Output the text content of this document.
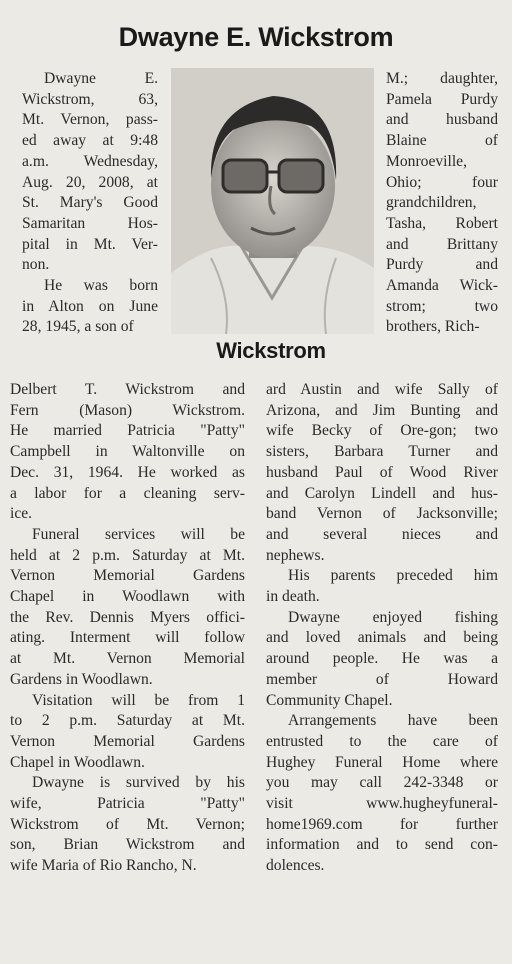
Dwayne E. Wickstrom
Wickstrom
Dwayne E.
Wickstrom, 63,
Mt. Vernon, pass-
ed away at 9:48
a.m. Wednesday,
Aug. 20, 2008, at
St. Mary's Good
Samaritan Hos-
pital in Mt. Ver-
non.
He was born
in Alton on June
28, 1945, a son of
Delbert T. Wickstrom and
Fern (Mason) Wickstrom.
He married Patricia "Patty"
Campbell in Waltonville on
Dec. 31, 1964. He worked as
a labor for a cleaning serv-
ice.
Funeral services will be
held at 2 p.m. Saturday at Mt.
Vernon Memorial Gardens
Chapel in Woodlawn with
the Rev. Dennis Myers offici-
ating. Interment will follow
at Mt. Vernon Memorial
Gardens in Woodlawn.
Visitation will be from 1
to 2 p.m. Saturday at Mt.
Vernon Memorial Gardens
Chapel in Woodlawn.
Dwayne is survived by his
wife, Patricia "Patty"
Wickstrom of Mt. Vernon;
son, Brian Wickstrom and
wife Maria of Rio Rancho, N.
M.; daughter,
Pamela Purdy
and husband
Blaine of
Monroeville,
Ohio; four
grandchildren,
Tasha, Robert
and Brittany
Purdy and
Amanda Wick-
strom; two
brothers, Rich-
ard Austin and wife Sally of
Arizona, and Jim Bunting and
wife Becky of Ore-gon; two
sisters, Barbara Turner and
husband Paul of Wood River
and Carolyn Lindell and hus-
band Vernon of Jacksonville;
and several nieces and
nephews.
His parents preceded him
in death.
Dwayne enjoyed fishing
and loved animals and being
around people. He was a
member of Howard
Community Chapel.
Arrangements have been
entrusted to the care of
Hughey Funeral Home where
you may call 242-3348 or
visit www.hugheyfuneral-
home1969.com for further
information and to send con-
dolences.
